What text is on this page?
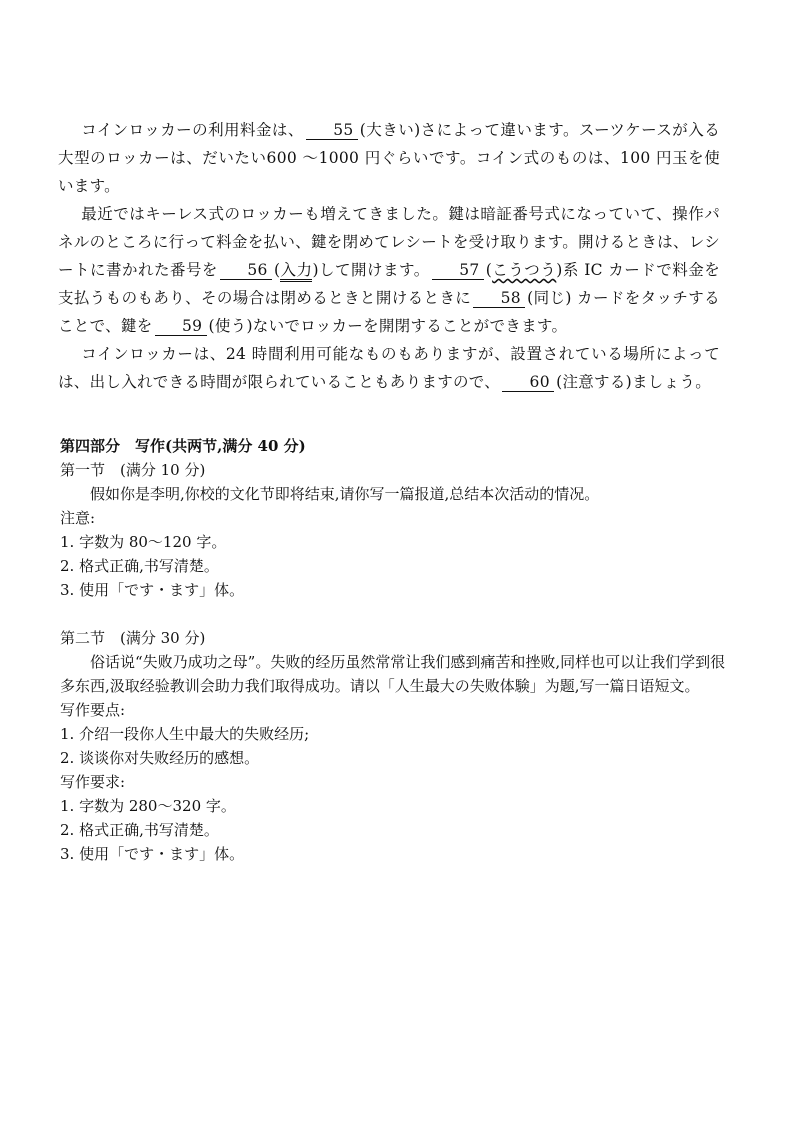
コインロッカーの利用料金は、 55 (大きい)さによって違います。スーツケースが入る大型のロッカーは、だいたい600 〜1000 円ぐらいです。コイン式のものは、100 円玉を使います。

最近ではキーレス式のロッカーも増えてきました。鍵は暗証番号式になっていて、操作パネルのところに行って料金を払い、鍵を閉めてレシートを受け取ります。開けるときは、レシートに書かれた番号を 56 (入力)して開けます。 57 (こうつう)系 IC カードで料金を支払うものもあり、その場合は閉めるときと開けるときに 58 (同じ) カードをタッチすることで、鍵を 59 (使う)ないでロッカーを開閉することができます。

コインロッカーは、24 時間利用可能なものもありますが、設置されている場所によっては、出し入れできる時間が限られていることもありますので、 60 (注意する)ましょう。

第四部分　写作(共两节,满分 40 分)

第一节　(满分 10 分)

假如你是李明,你校的文化节即将结束,请你写一篇报道,总结本次活动的情况。

注意:

1. 字数为 80〜120 字。

2. 格式正确,书写清楚。

3. 使用「です・ます」体。

第二节　(满分 30 分)

俗话说“失败乃成功之母”。失败的经历虽然常常让我们感到痛苦和挫败,同样也可以让我们学到很多东西,汲取经验教训会助力我们取得成功。请以「人生最大の失败体験」为题,写一篇日语短文。

写作要点:

1. 介绍一段你人生中最大的失败经历;

2. 谈谈你对失败经历的感想。

写作要求:

1. 字数为 280〜320 字。

2. 格式正确,书写清楚。

3. 使用「です・ます」体。
